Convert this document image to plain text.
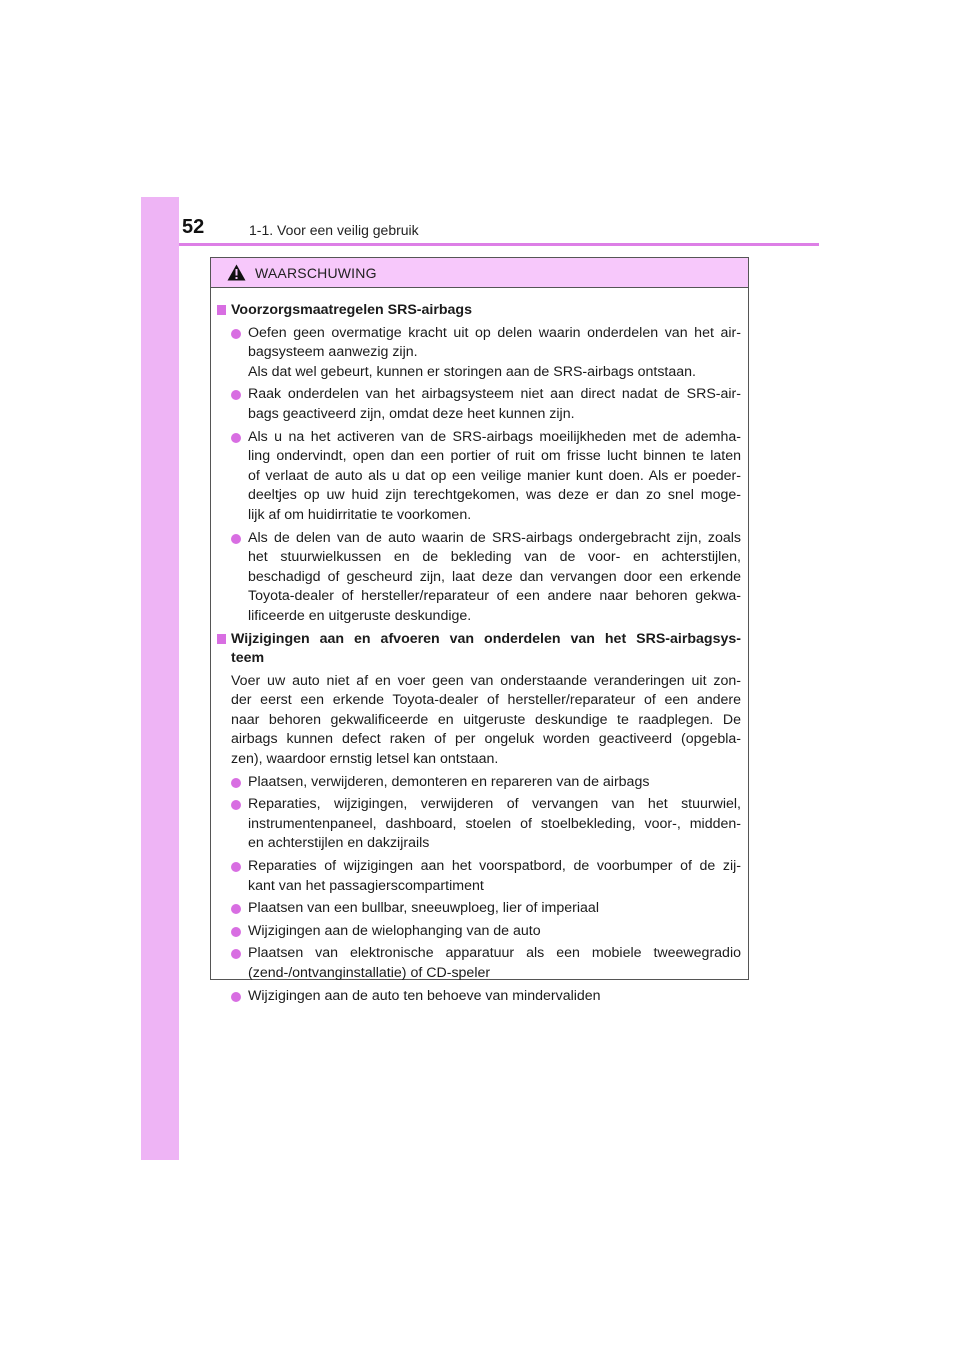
52	1-1. Voor een veilig gebruik
WAARSCHUWING
Voorzorgsmaatregelen SRS-airbags
Oefen geen overmatige kracht uit op delen waarin onderdelen van het air-
bagsysteem aanwezig zijn.
Als dat wel gebeurt, kunnen er storingen aan de SRS-airbags ontstaan.
Raak onderdelen van het airbagsysteem niet aan direct nadat de SRS-air-
bags geactiveerd zijn, omdat deze heet kunnen zijn.
Als u na het activeren van de SRS-airbags moeilijkheden met de ademha-
ling ondervindt, open dan een portier of ruit om frisse lucht binnen te laten
of verlaat de auto als u dat op een veilige manier kunt doen. Als er poeder-
deeltjes op uw huid zijn terechtgekomen, was deze er dan zo snel moge-
lijk af om huidirritatie te voorkomen.
Als de delen van de auto waarin de SRS-airbags ondergebracht zijn, zoals
het stuurwielkussen en de bekleding van de voor- en achterstijlen,
beschadigd of gescheurd zijn, laat deze dan vervangen door een erkende
Toyota-dealer of hersteller/reparateur of een andere naar behoren gekwa-
lificeerde en uitgeruste deskundige.
Wijzigingen aan en afvoeren van onderdelen van het SRS-airbagsys-
teem
Voer uw auto niet af en voer geen van onderstaande veranderingen uit zon-
der eerst een erkende Toyota-dealer of hersteller/reparateur of een andere
naar behoren gekwalificeerde en uitgeruste deskundige te raadplegen. De
airbags kunnen defect raken of per ongeluk worden geactiveerd (opgebla-
zen), waardoor ernstig letsel kan ontstaan.
Plaatsen, verwijderen, demonteren en repareren van de airbags
Reparaties, wijzigingen, verwijderen of vervangen van het stuurwiel,
instrumentenpaneel, dashboard, stoelen of stoelbekleding, voor-, midden-
en achterstijlen en dakzijrails
Reparaties of wijzigingen aan het voorspatbord, de voorbumper of de zij-
kant van het passagierscompartiment
Plaatsen van een bullbar, sneeuwploeg, lier of imperiaal
Wijzigingen aan de wielophanging van de auto
Plaatsen van elektronische apparatuur als een mobiele tweewegradio
(zend-/ontvanginstallatie) of CD-speler
Wijzigingen aan de auto ten behoeve van mindervaliden
